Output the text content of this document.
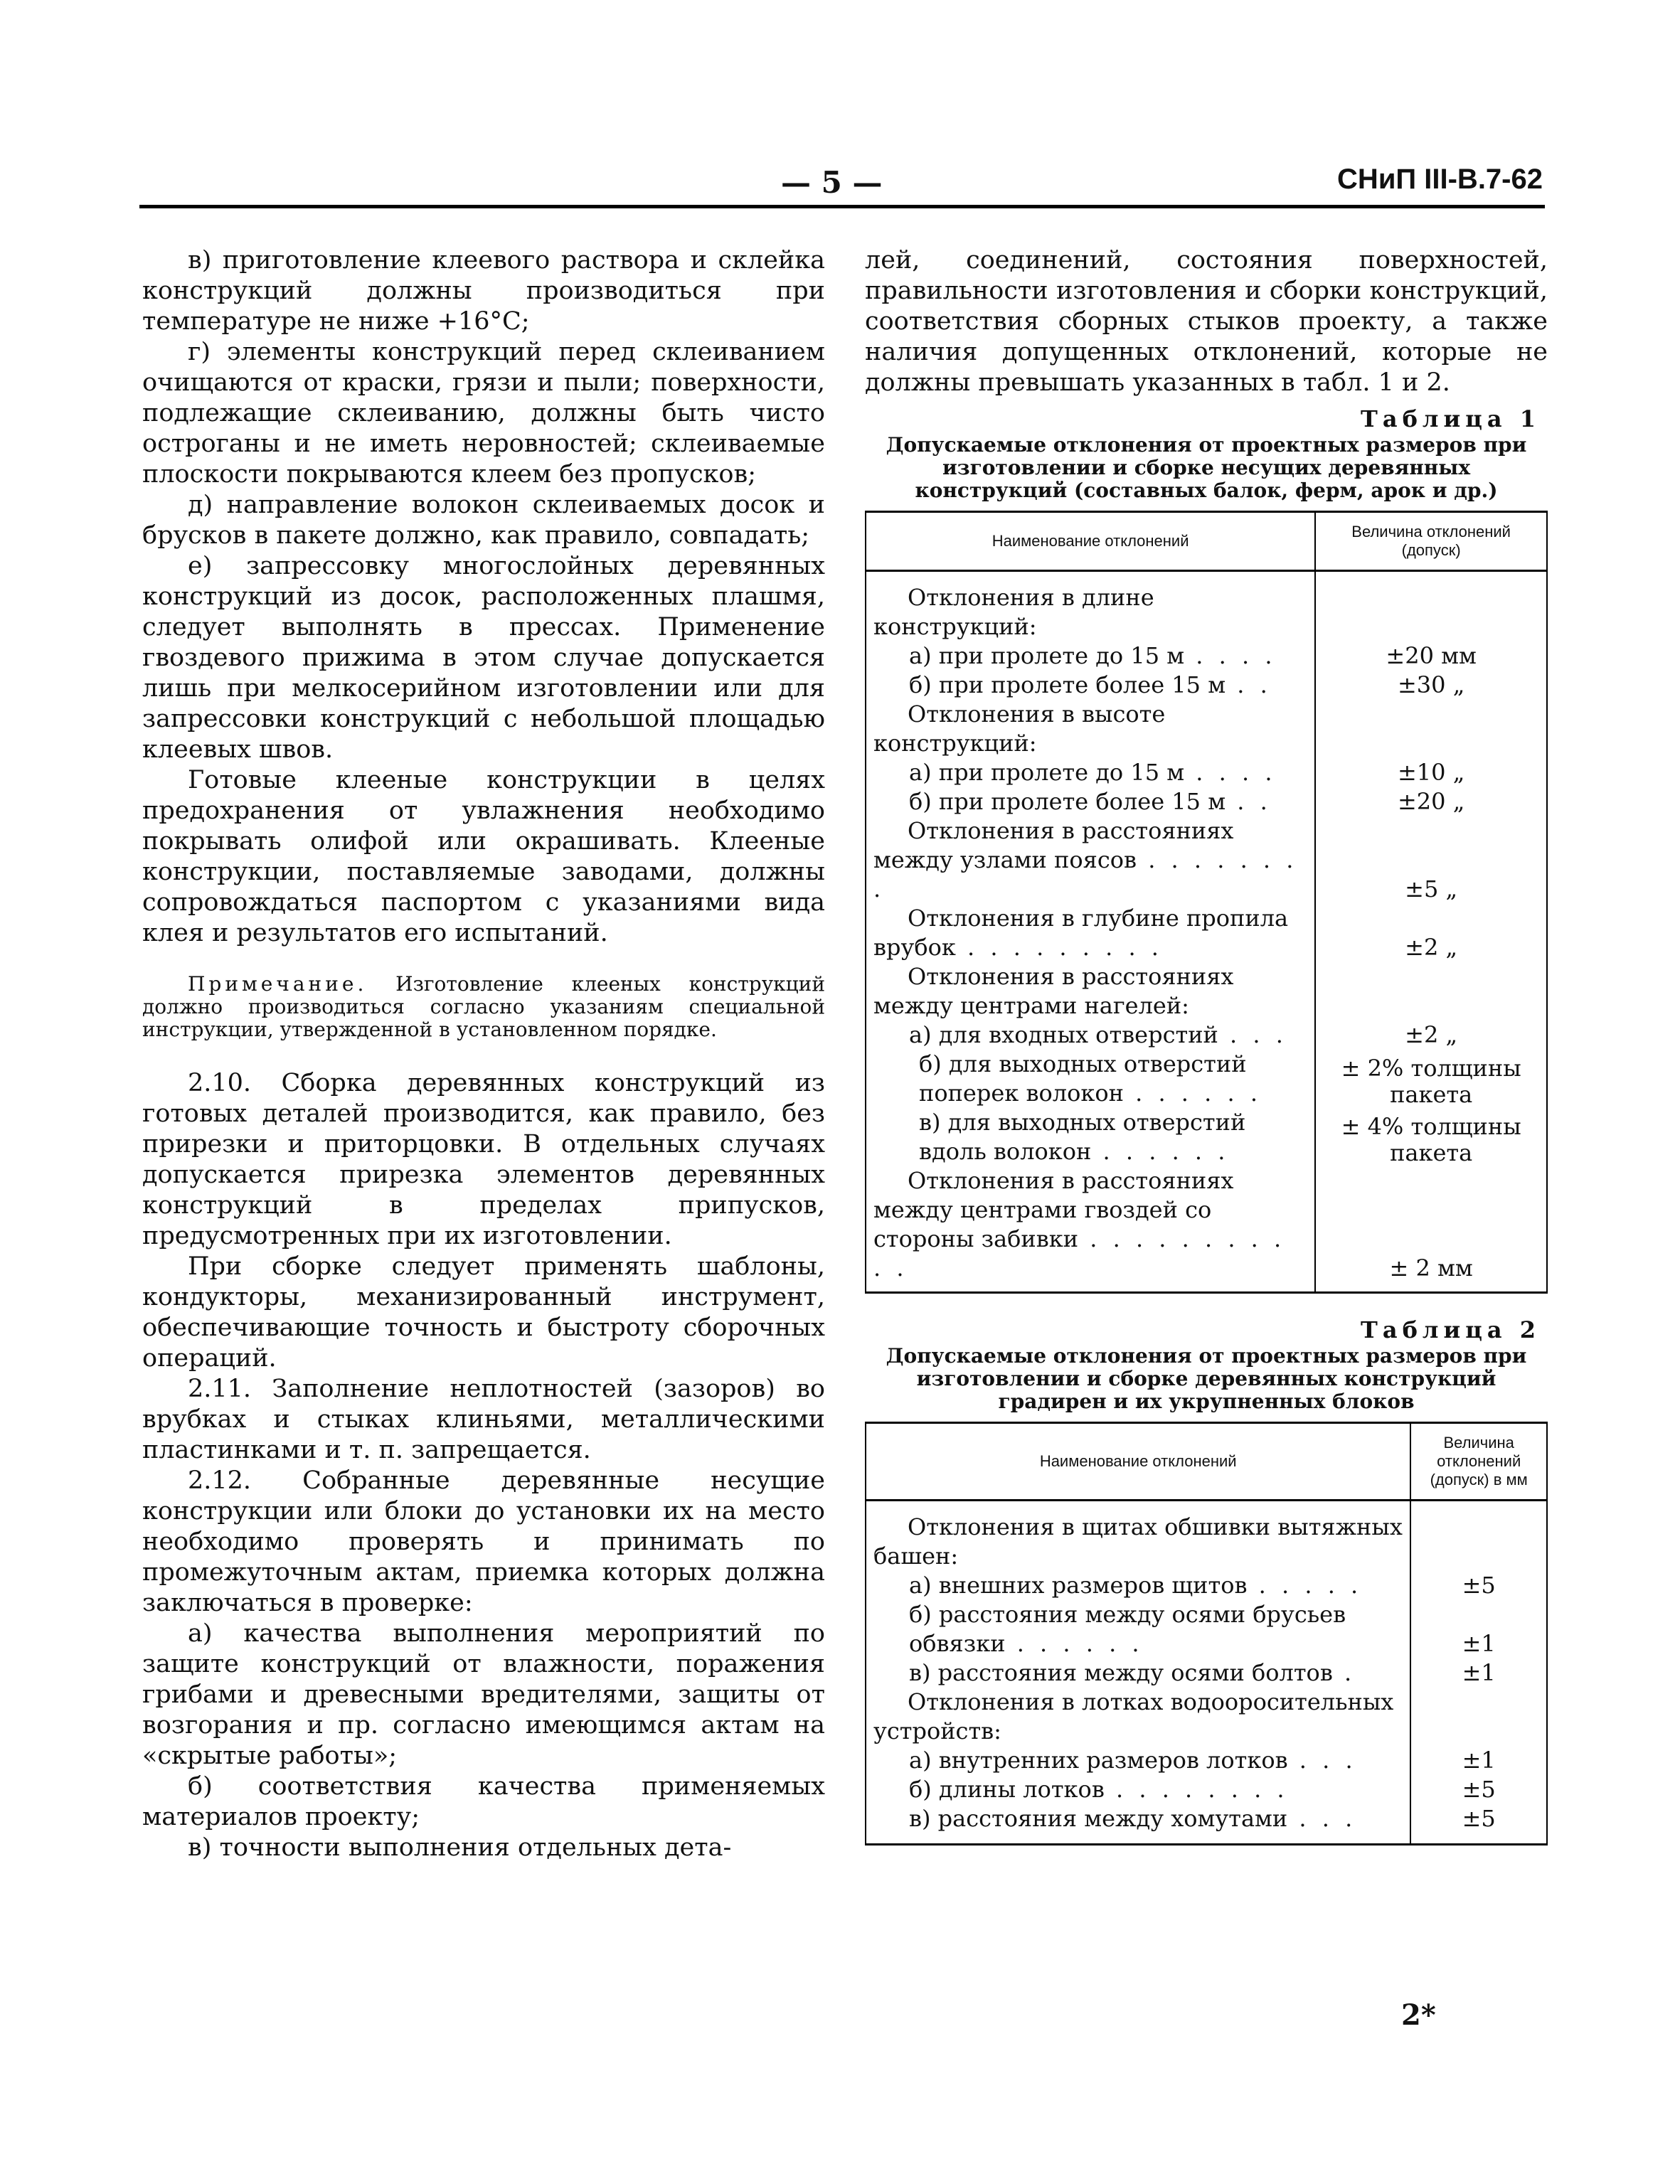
— 5 —	СНиП III-В.7-62

в) приготовление клеевого раствора и склейка конструкций должны производиться при температуре не ниже +16°С;

г) элементы конструкций перед склеиванием очищаются от краски, грязи и пыли; поверхности, подлежащие склеиванию, должны быть чисто остроганы и не иметь неровностей; склеиваемые плоскости покрываются клеем без пропусков;

д) направление волокон склеиваемых досок и брусков в пакете должно, как правило, совпадать;

е) запрессовку многослойных деревянных конструкций из досок, расположенных плашмя, следует выполнять в прессах. Применение гвоздевого прижима в этом случае допускается лишь при мелкосерийном изготовлении или для запрессовки конструкций с небольшой площадью клеевых швов.

Готовые клееные конструкции в целях предохранения от увлажнения необходимо покрывать олифой или окрашивать. Клееные конструкции, поставляемые заводами, должны сопровождаться паспортом с указаниями вида клея и результатов его испытаний.

Примечание. Изготовление клееных конструкций должно производиться согласно указаниям специальной инструкции, утвержденной в установленном порядке.

2.10. Сборка деревянных конструкций из готовых деталей производится, как правило, без прирезки и приторцовки. В отдельных случаях допускается прирезка элементов деревянных конструкций в пределах припусков, предусмотренных при их изготовлении.

При сборке следует применять шаблоны, кондукторы, механизированный инструмент, обеспечивающие точность и быстроту сборочных операций.

2.11. Заполнение неплотностей (зазоров) во врубках и стыках клиньями, металлическими пластинками и т. п. запрещается.

2.12. Собранные деревянные несущие конструкции или блоки до установки их на место необходимо проверять и принимать по промежуточным актам, приемка которых должна заключаться в проверке:

а) качества выполнения мероприятий по защите конструкций от влажности, поражения грибами и древесными вредителями, защиты от возгорания и пр. согласно имеющимся актам на «скрытые работы»;

б) соответствия качества применяемых материалов проекту;

в) точности выполнения отдельных дета-

лей, соединений, состояния поверхностей, правильности изготовления и сборки конструкций, соответствия сборных стыков проекту, а также наличия допущенных отклонений, которые не должны превышать указанных в табл. 1 и 2.

Таблица 1
Допускаемые отклонения от проектных размеров при изготовлении и сборке несущих деревянных конструкций (составных балок, ферм, арок и др.)
Наименование отклонений	Величина отклонений (допуск)
Отклонения в длине конструкций:	
а) при пролете до 15 м . . . .	±20 мм
б) при пролете более 15 м . .	±30 „
Отклонения в высоте конструкций:	
а) при пролете до 15 м . . . .	±10 „
б) при пролете более 15 м . .	±20 „
Отклонения в расстояниях между узлами поясов . . . . . . . .	±5 „
Отклонения в глубине пропила врубок . . . . . . . . .	±2 „
Отклонения в расстояниях между центрами нагелей:	
а) для входных отверстий . . .	±2 „
б) для выходных отверстий поперек волокон . . . . . .	± 2% толщины пакета
в) для выходных отверстий вдоль волокон . . . . . .	± 4% толщины пакета
Отклонения в расстояниях между центрами гвоздей со стороны забивки . . . . . . . . . . .	± 2 мм
Таблица 2
Допускаемые отклонения от проектных размеров при изготовлении и сборке деревянных конструкций градирен и их укрупненных блоков
Наименование отклонений	Величина отклонений (допуск) в мм
Отклонения в щитах обшивки вытяжных башен:	
а) внешних размеров щитов . . . . .	±5
б) расстояния между осями брусьев обвязки . . . . . .	±1
в) расстояния между осями болтов .	±1
Отклонения в лотках водооросительных устройств:	
а) внутренних размеров лотков . . .	±1
б) длины лотков . . . . . . . .	±5
в) расстояния между хомутами . . .	±5
2*
